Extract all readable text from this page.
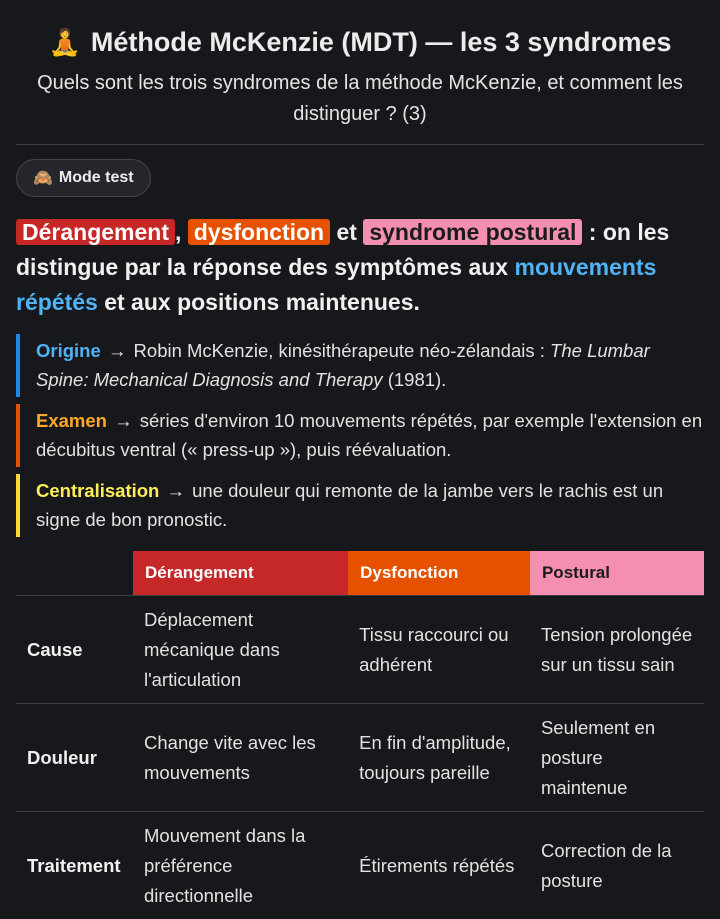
🧘 Méthode McKenzie (MDT) — les 3 syndromes
Quels sont les trois syndromes de la méthode McKenzie, et comment les distinguer ? (3)
🙈 Mode test
Dérangement , dysfonction et syndrome postural : on les distingue par la réponse des symptômes aux mouvements répétés et aux positions maintenues.
Origine → Robin McKenzie, kinésithérapeute néo-zélandais : The Lumbar Spine: Mechanical Diagnosis and Therapy (1981).
Examen → séries d'environ 10 mouvements répétés, par exemple l'extension en décubitus ventral (« press-up »), puis réévaluation.
Centralisation → une douleur qui remonte de la jambe vers le rachis est un signe de bon pronostic.
	Dérangement	Dysfonction	Postural
Cause	Déplacement mécanique dans l'articulation	Tissu raccourci ou adhérent	Tension prolongée sur un tissu sain
Douleur	Change vite avec les mouvements	En fin d'amplitude, toujours pareille	Seulement en posture maintenue
Traitement	Mouvement dans la préférence directionnelle	Étirements répétés	Correction de la posture
